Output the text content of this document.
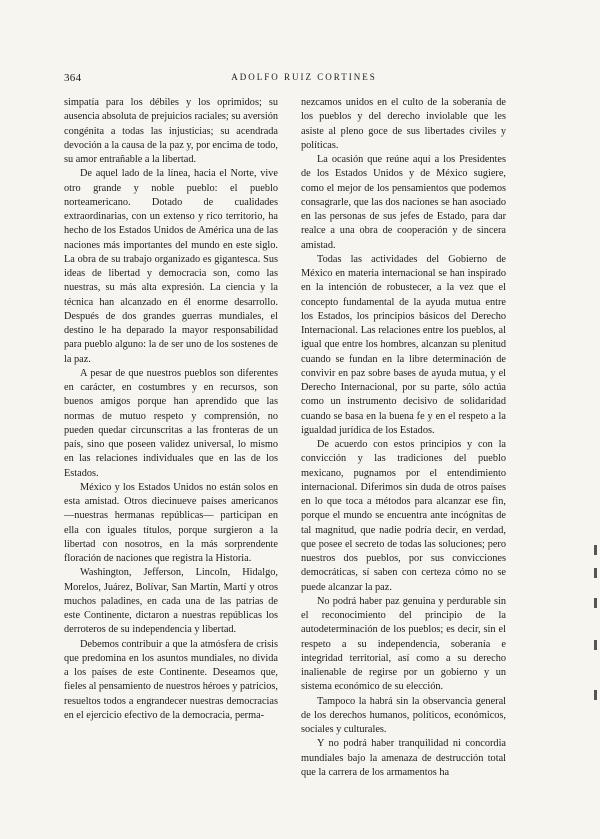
364	ADOLFO RUIZ CORTINES

simpatía para los débiles y los oprimidos; su ausencia absoluta de prejuicios raciales; su aversión congénita a todas las injusticias; su acendrada devoción a la causa de la paz y, por encima de todo, su amor entrañable a la libertad.

De aquel lado de la línea, hacia el Norte, vive otro grande y noble pueblo: el pueblo norteamericano. Dotado de cualidades extraordinarias, con un extenso y rico territorio, ha hecho de los Estados Unidos de América una de las naciones más importantes del mundo en este siglo. La obra de su trabajo organizado es gigantesca. Sus ideas de libertad y democracia son, como las nuestras, su más alta expresión. La ciencia y la técnica han alcanzado en él enorme desarrollo. Después de dos grandes guerras mundiales, el destino le ha deparado la mayor responsabilidad para pueblo alguno: la de ser uno de los sostenes de la paz.

A pesar de que nuestros pueblos son diferentes en carácter, en costumbres y en recursos, son buenos amigos porque han aprendido que las normas de mutuo respeto y comprensión, no pueden quedar circunscritas a las fronteras de un país, sino que poseen validez universal, lo mismo en las relaciones individuales que en las de los Estados.

México y los Estados Unidos no están solos en esta amistad. Otros diecinueve países americanos —nuestras hermanas repúblicas— participan en ella con iguales títulos, porque surgieron a la libertad con nosotros, en la más sorprendente floración de naciones que registra la Historia.

Washington, Jefferson, Lincoln, Hidalgo, Morelos, Juárez, Bolívar, San Martín, Martí y otros muchos paladines, en cada una de las patrias de este Continente, dictaron a nuestras repúblicas los derroteros de su independencia y libertad.

Debemos contribuir a que la atmósfera de crisis que predomina en los asuntos mundiales, no divida a los países de este Continente. Deseamos que, fieles al pensamiento de nuestros héroes y patricios, resueltos todos a engrandecer nuestras democracias en el ejercicio efectivo de la democracia, perma-

nezcamos unidos en el culto de la soberanía de los pueblos y del derecho inviolable que les asiste al pleno goce de sus libertades civiles y políticas.

La ocasión que reúne aquí a los Presidentes de los Estados Unidos y de México sugiere, como el mejor de los pensamientos que podemos consagrarle, que las dos naciones se han asociado en las personas de sus jefes de Estado, para dar realce a una obra de cooperación y de sincera amistad.

Todas las actividades del Gobierno de México en materia internacional se han inspirado en la intención de robustecer, a la vez que el concepto fundamental de la ayuda mutua entre los Estados, los principios básicos del Derecho Internacional. Las relaciones entre los pueblos, al igual que entre los hombres, alcanzan su plenitud cuando se fundan en la libre determinación de convivir en paz sobre bases de ayuda mutua, y el Derecho Internacional, por su parte, sólo actúa como un instrumento decisivo de solidaridad cuando se basa en la buena fe y en el respeto a la igualdad jurídica de los Estados.

De acuerdo con estos principios y con la convicción y las tradiciones del pueblo mexicano, pugnamos por el entendimiento internacional. Diferimos sin duda de otros países en lo que toca a métodos para alcanzar ese fin, porque el mundo se encuentra ante incógnitas de tal magnitud, que nadie podría decir, en verdad, que posee el secreto de todas las soluciones; pero nuestros dos pueblos, por sus convicciones democráticas, sí saben con certeza cómo no se puede alcanzar la paz.

No podrá haber paz genuina y perdurable sin el reconocimiento del principio de la autodeterminación de los pueblos; es decir, sin el respeto a su independencia, soberanía e integridad territorial, así como a su derecho inalienable de regirse por un gobierno y un sistema económico de su elección.

Tampoco la habrá sin la observancia general de los derechos humanos, políticos, económicos, sociales y culturales.

Y no podrá haber tranquilidad ni concordia mundiales bajo la amenaza de destrucción total que la carrera de los armamentos ha
